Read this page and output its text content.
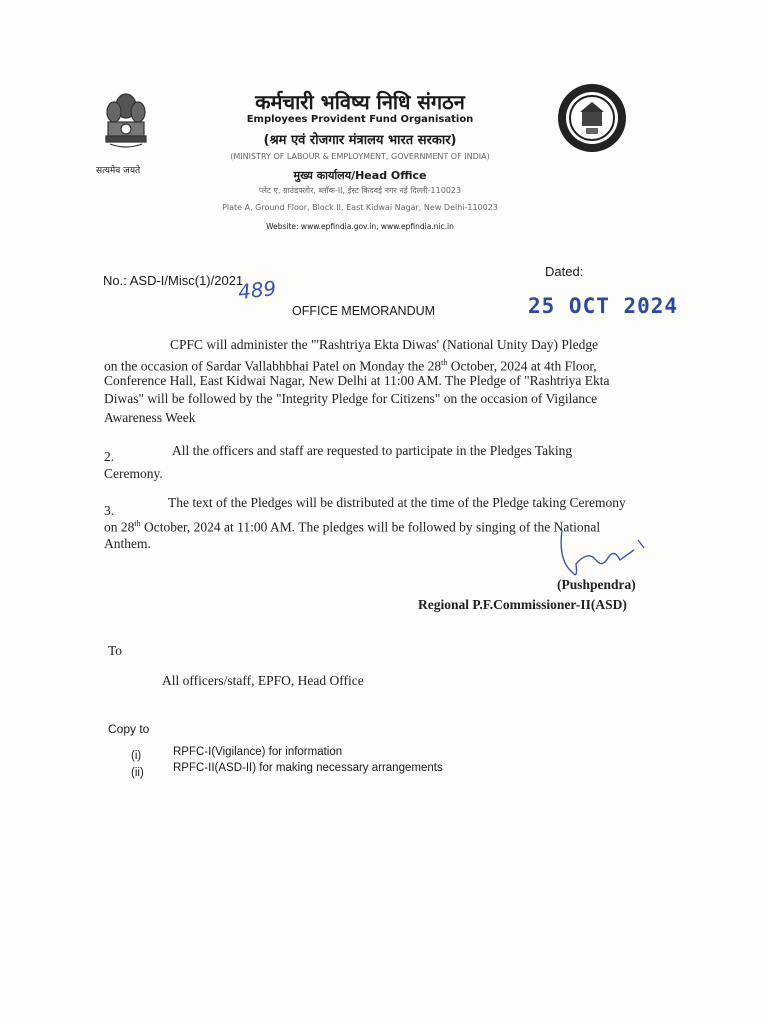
सत्यमेव जयते
कर्मचारी भविष्य निधि संगठन
Employees Provident Fund Organisation
(श्रम एवं रोजगार मंत्रालय भारत सरकार)
(MINISTRY OF LABOUR & EMPLOYMENT, GOVERNMENT OF INDIA)
मुख्य कार्यालय/Head Office
प्लेट ए, ग्राउंडफ्लोर, ब्लॉक-II, ईस्ट किदवई नगर नई दिल्ली-110023
Plate A, Ground Floor, Block II, East Kidwai Nagar, New Delhi-110023
Website: www.epfindia.gov.in, www.epfindia.nic.in
No.: ASD-I/Misc(1)/2021
489
Dated:
25 OCT 2024
OFFICE MEMORANDUM
CPFC will administer the "'Rashtriya Ekta Diwas' (National Unity Day) Pledge
on the occasion of Sardar Vallabhbhai Patel on Monday the 28th October, 2024 at 4th Floor,
Conference Hall, East Kidwai Nagar, New Delhi at 11:00 AM. The Pledge of "Rashtriya Ekta
Diwas" will be followed by the "Integrity Pledge for Citizens" on the occasion of Vigilance
Awareness Week
2.	All the officers and staff are requested to participate in the Pledges Taking
Ceremony.
3.
The text of the Pledges will be distributed at the time of the Pledge taking Ceremony
on 28th October, 2024 at 11:00 AM. The pledges will be followed by singing of the National
Anthem.
(Pushpendra)
Regional P.F.Commissioner-II(ASD)
To
All officers/staff, EPFO, Head Office
Copy to
(i)	RPFC-I(Vigilance) for information
(ii)	RPFC-II(ASD-II) for making necessary arrangements
